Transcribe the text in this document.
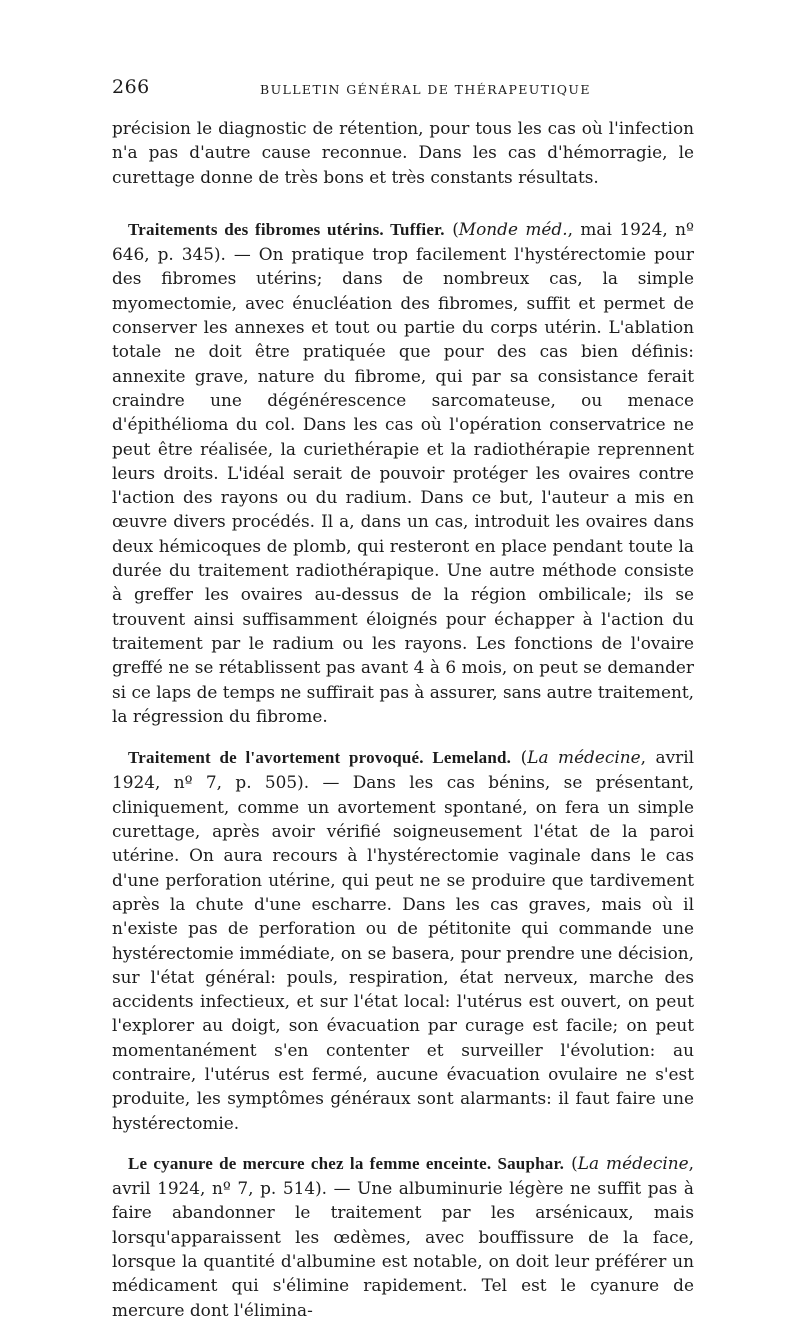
266	BULLETIN GÉNÉRAL DE THÉRAPEUTIQUE

précision le diagnostic de rétention, pour tous les cas où l'infection n'a pas d'autre cause reconnue. Dans les cas d'hémorragie, le curettage donne de très bons et très constants résultats.

Traitements des fibromes utérins. Tuffier. (Monde méd., mai 1924, nº 646, p. 345). — On pratique trop facilement l'hystérectomie pour des fibromes utérins; dans de nombreux cas, la simple myomectomie, avec énucléation des fibromes, suffit et permet de conserver les annexes et tout ou partie du corps utérin. L'ablation totale ne doit être pratiquée que pour des cas bien définis: annexite grave, nature du fibrome, qui par sa consistance ferait craindre une dégénérescence sarcomateuse, ou menace d'épithélioma du col. Dans les cas où l'opération conservatrice ne peut être réalisée, la curiethérapie et la radiothérapie reprennent leurs droits. L'idéal serait de pouvoir protéger les ovaires contre l'action des rayons ou du radium. Dans ce but, l'auteur a mis en œuvre divers procédés. Il a, dans un cas, introduit les ovaires dans deux hémicoques de plomb, qui resteront en place pendant toute la durée du traitement radiothérapique. Une autre méthode consiste à greffer les ovaires au-dessus de la région ombilicale; ils se trouvent ainsi suffisamment éloignés pour échapper à l'action du traitement par le radium ou les rayons. Les fonctions de l'ovaire greffé ne se rétablissent pas avant 4 à 6 mois, on peut se demander si ce laps de temps ne suffirait pas à assurer, sans autre traitement, la régression du fibrome.

Traitement de l'avortement provoqué. Lemeland. (La médecine, avril 1924, nº 7, p. 505). — Dans les cas bénins, se présentant, cliniquement, comme un avortement spontané, on fera un simple curettage, après avoir vérifié soigneusement l'état de la paroi utérine. On aura recours à l'hystérectomie vaginale dans le cas d'une perforation utérine, qui peut ne se produire que tardivement après la chute d'une escharre. Dans les cas graves, mais où il n'existe pas de perforation ou de pétitonite qui commande une hystérectomie immédiate, on se basera, pour prendre une décision, sur l'état général: pouls, respiration, état nerveux, marche des accidents infectieux, et sur l'état local: l'utérus est ouvert, on peut l'explorer au doigt, son évacuation par curage est facile; on peut momentanément s'en contenter et surveiller l'évolution: au contraire, l'utérus est fermé, aucune évacuation ovulaire ne s'est produite, les symptômes généraux sont alarmants: il faut faire une hystérectomie.

Le cyanure de mercure chez la femme enceinte. Sauphar. (La médecine, avril 1924, nº 7, p. 514). — Une albuminurie légère ne suffit pas à faire abandonner le traitement par les arsénicaux, mais lorsqu'apparaissent les œdèmes, avec bouffissure de la face, lorsque la quantité d'albumine est notable, on doit leur préférer un médicament qui s'élimine rapidement. Tel est le cyanure de mercure dont l'élimina-
